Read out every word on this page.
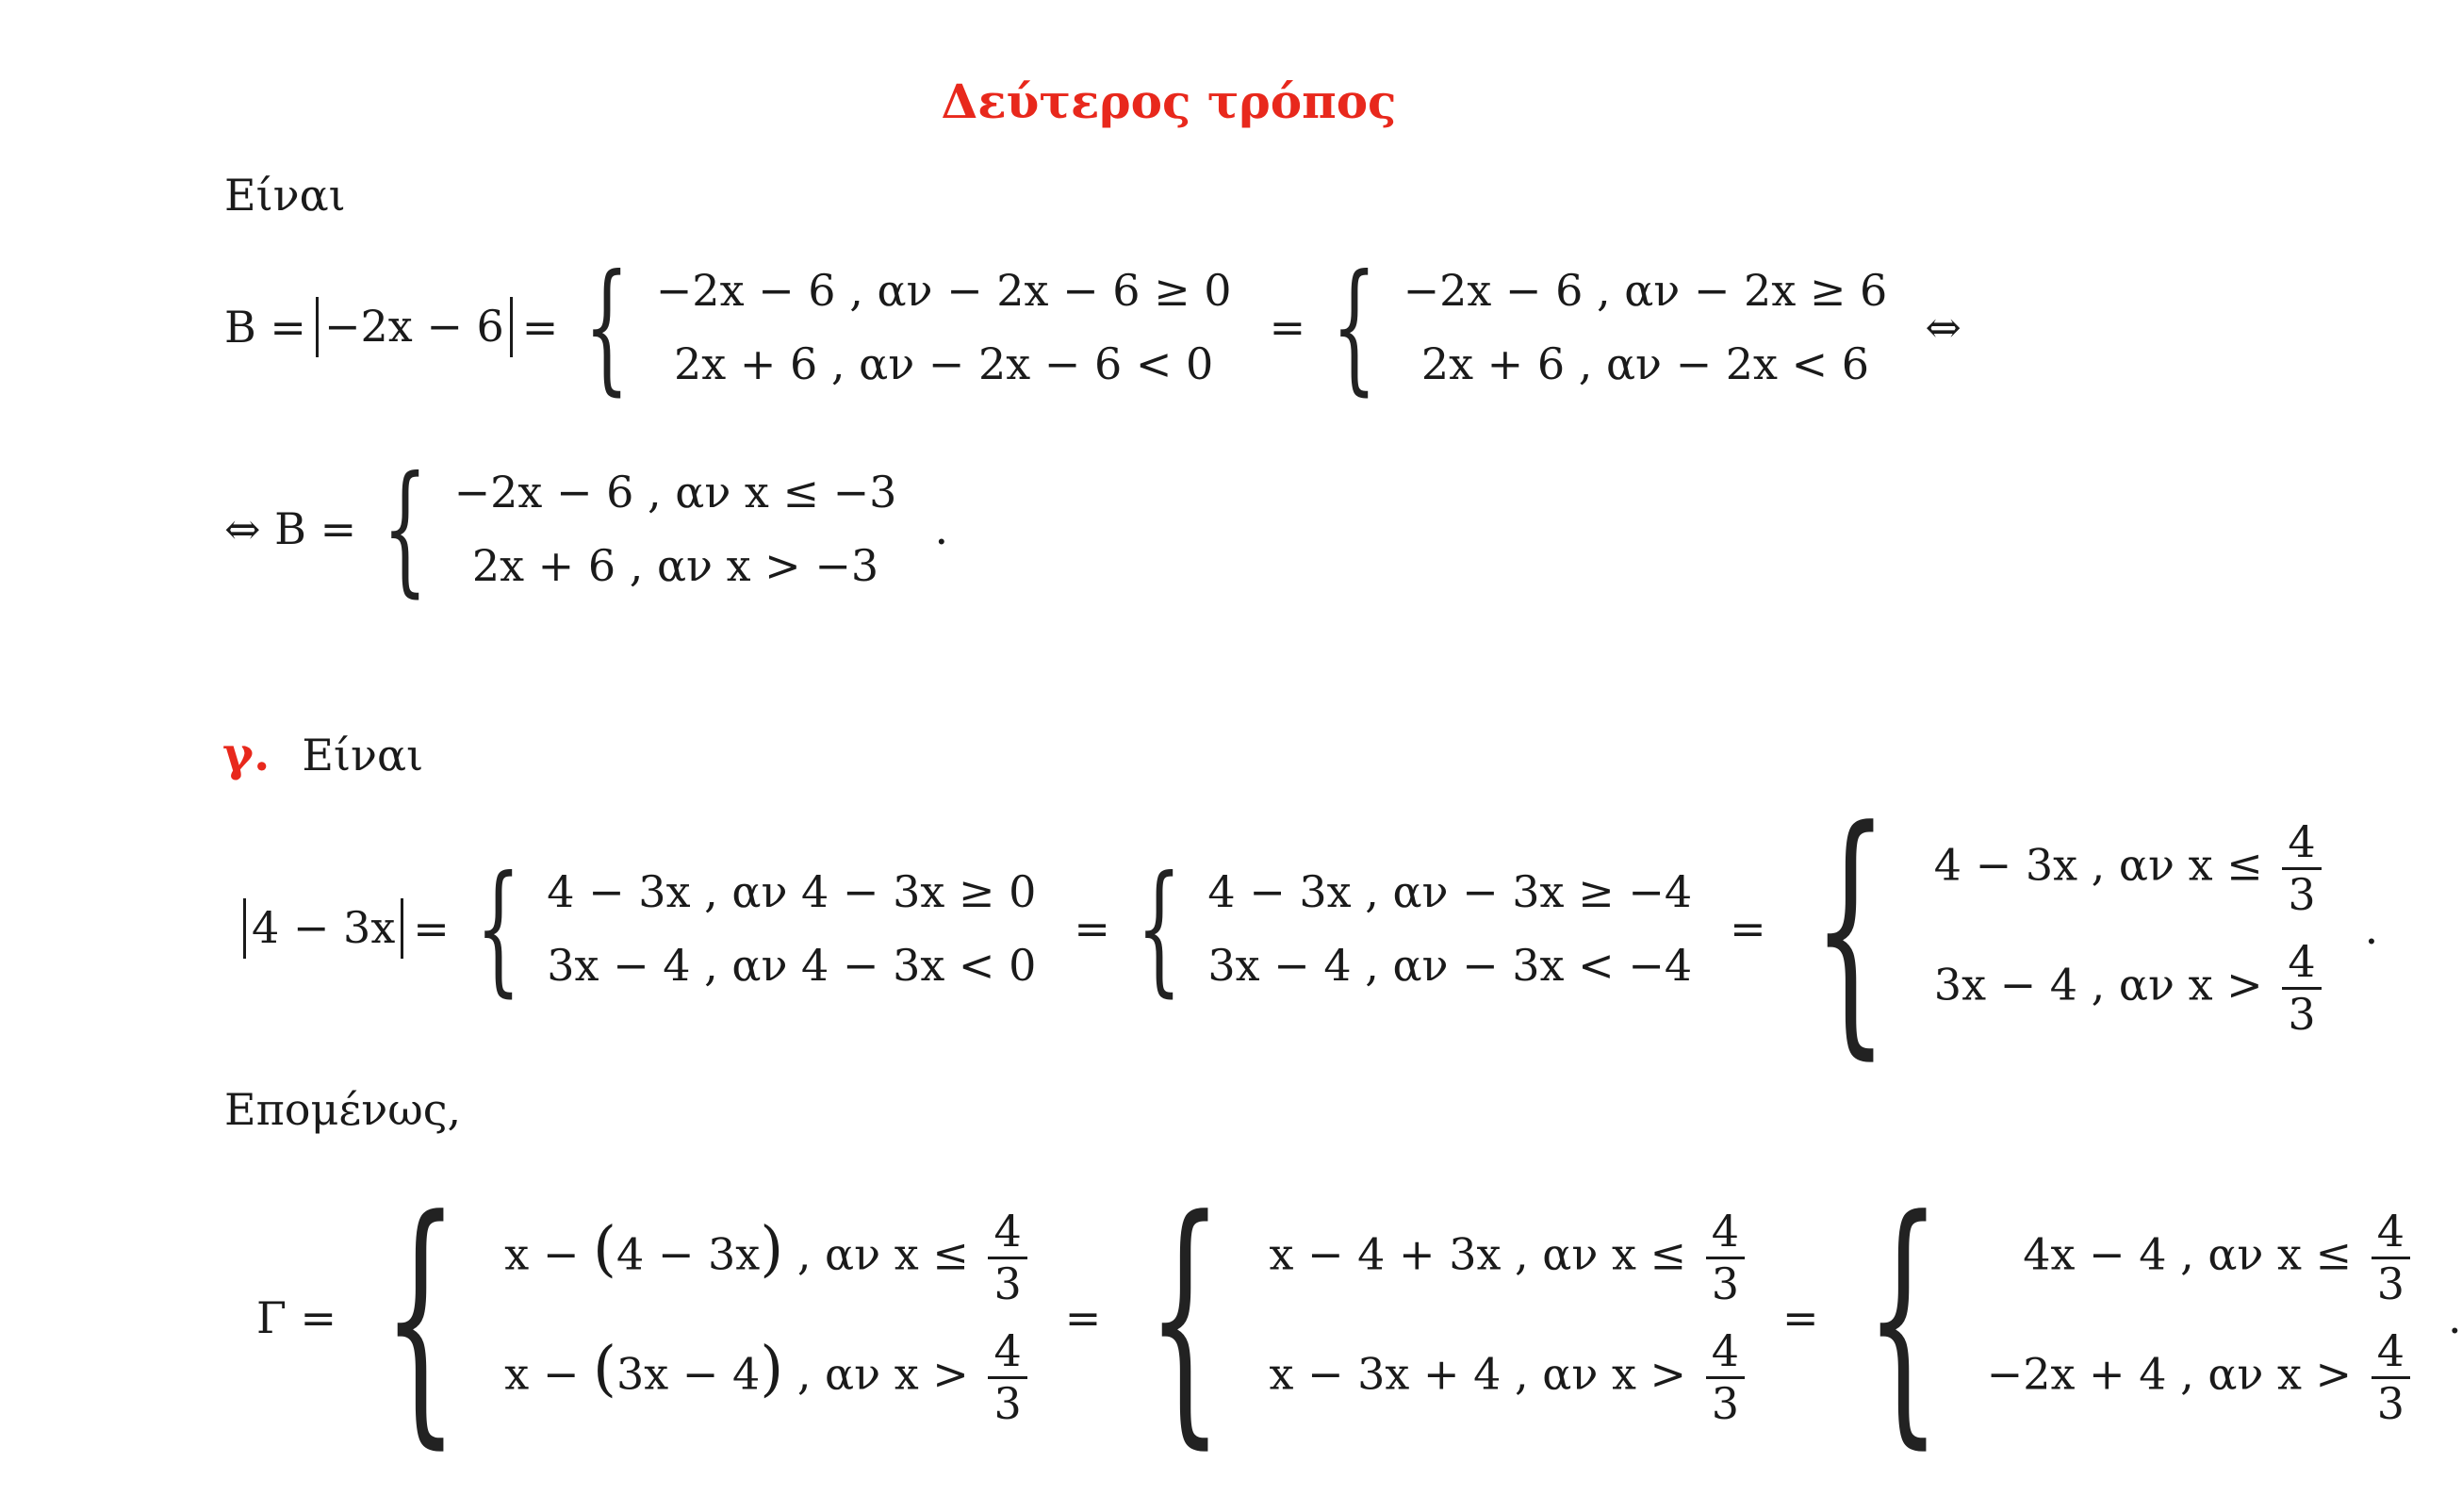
Δεύτερος τρόπος
Είναι
B = −2x − 6 = { −2x − 6 , αν − 2x − 6 ≥ 0
2x + 6 , αν − 2x − 6 < 0
= { −2x − 6 , αν − 2x ≥ 6
2x + 6 , αν − 2x < 6
⇔
⇔ B = { −2x − 6 , αν x ≤ −3
2x + 6 , αν x > −3
.
γ. Είναι
4 − 3x = { 4 − 3x , αν 4 − 3x ≥ 0
3x − 4 , αν 4 − 3x < 0
= { 4 − 3x , αν − 3x ≥ −4
3x − 4 , αν − 3x < −4
= { 4 − 3x , αν $x \le \frac{4}{3}$
3x − 4 , αν $x > \frac{4}{3}$
.
Επομένως,
Γ = { x − (4 − 3x) , αν $x \le \frac{4}{3}$
x − (3x − 4) , αν $x > \frac{4}{3}$
= { x − 4 + 3x , αν $x \le \frac{4}{3}$
x − 3x + 4 , αν $x > \frac{4}{3}$
= { 4x − 4 , αν $x \le \frac{4}{3}$
−2x + 4 , αν $x > \frac{4}{3}$
.
